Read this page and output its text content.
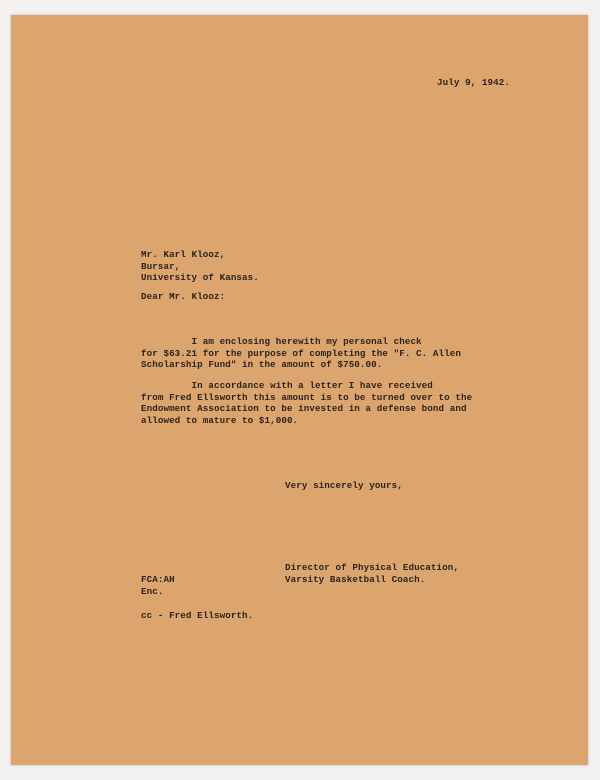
July 9, 1942.

Mr. Karl Klooz,
Bursar,
University of Kansas.

Dear Mr. Klooz:

I am enclosing herewith my personal check
for $63.21 for the purpose of completing the "F. C. Allen
Scholarship Fund" in the amount of $750.00.
In accordance with a letter I have received
from Fred Ellsworth this amount is to be turned over to the
Endowment Association to be invested in a defense bond and
allowed to mature to $1,000.

Very sincerely yours,

Director of Physical Education,
Varsity Basketball Coach.
FCA:AH
Enc.

cc - Fred Ellsworth.
